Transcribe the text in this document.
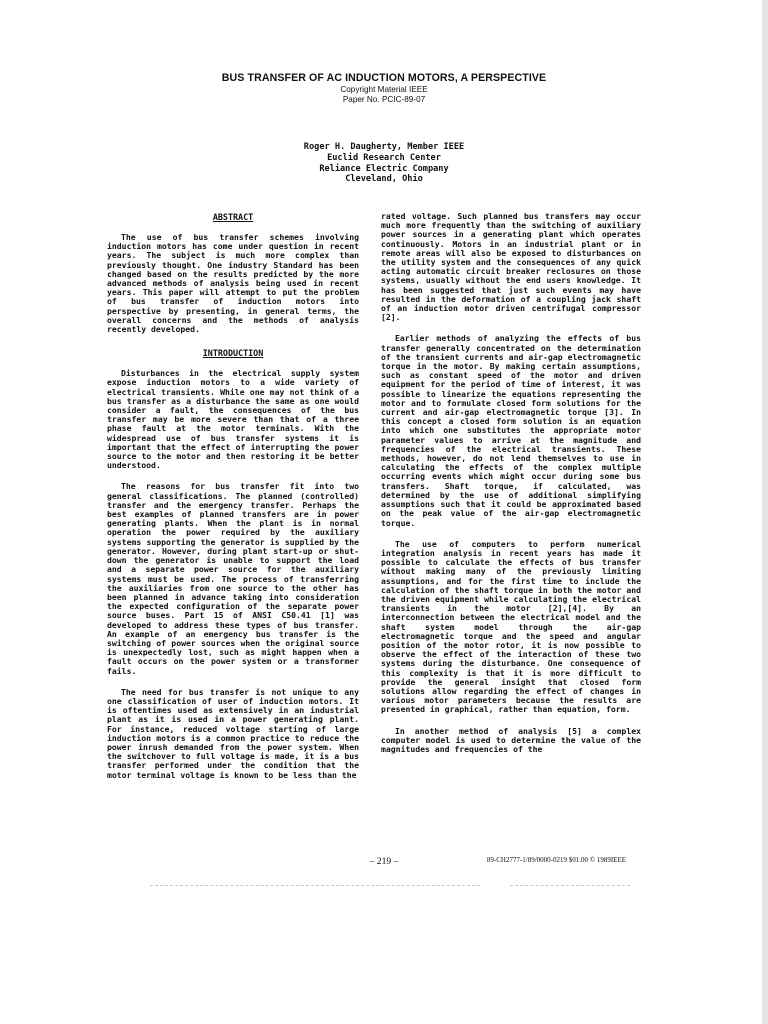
BUS TRANSFER OF AC INDUCTION MOTORS, A PERSPECTIVE

Copyright Material IEEE

Paper No. PCIC-89-07

Roger H. Daugherty, Member IEEE
Euclid Research Center
Reliance Electric Company
Cleveland, Ohio

ABSTRACT

The use of bus transfer schemes involving induction motors has come under question in recent years. The subject is much more complex than previously thought. One industry Standard has been changed based on the results predicted by the more advanced methods of analysis being used in recent years. This paper will attempt to put the problem of bus transfer of induction motors into perspective by presenting, in general terms, the overall concerns and the methods of analysis recently developed.

INTRODUCTION

Disturbances in the electrical supply system expose induction motors to a wide variety of electrical transients. While one may not think of a bus transfer as a disturbance the same as one would consider a fault, the consequences of the bus transfer may be more severe than that of a three phase fault at the motor terminals. With the widespread use of bus transfer systems it is important that the effect of interrupting the power source to the motor and then restoring it be better understood.

The reasons for bus transfer fit into two general classifications. The planned (controlled) transfer and the emergency transfer. Perhaps the best examples of planned transfers are in power generating plants. When the plant is in normal operation the power required by the auxiliary systems supporting the generator is supplied by the generator. However, during plant start-up or shut-down the generator is unable to support the load and a separate power source for the auxiliary systems must be used. The process of transferring the auxiliaries from one source to the other has been planned in advance taking into consideration the expected configuration of the separate power source buses. Part 15 of ANSI C50.41 [1] was developed to address these types of bus transfer. An example of an emergency bus transfer is the switching of power sources when the original source is unexpectedly lost, such as might happen when a fault occurs on the power system or a transformer fails.

The need for bus transfer is not unique to any one classification of user of induction motors. It is oftentimes used as extensively in an industrial plant as it is used in a power generating plant. For instance, reduced voltage starting of large induction motors is a common practice to reduce the power inrush demanded from the power system. When the switchover to full voltage is made, it is a bus transfer performed under the condition that the motor terminal voltage is known to be less than the

rated voltage. Such planned bus transfers may occur much more frequently than the switching of auxiliary power sources in a generating plant which operates continuously. Motors in an industrial plant or in remote areas will also be exposed to disturbances on the utility system and the consequences of any quick acting automatic circuit breaker reclosures on those systems, usually without the end users knowledge. It has been suggested that just such events may have resulted in the deformation of a coupling jack shaft of an induction motor driven centrifugal compressor [2].

Earlier methods of analyzing the effects of bus transfer generally concentrated on the determination of the transient currents and air-gap electromagnetic torque in the motor. By making certain assumptions, such as constant speed of the motor and driven equipment for the period of time of interest, it was possible to linearize the equations representing the motor and to formulate closed form solutions for the current and air-gap electromagnetic torque [3]. In this concept a closed form solution is an equation into which one substitutes the appropriate motor parameter values to arrive at the magnitude and frequencies of the electrical transients. These methods, however, do not lend themselves to use in calculating the effects of the complex multiple occurring events which might occur during some bus transfers. Shaft torque, if calculated, was determined by the use of additional simplifying assumptions such that it could be approximated based on the peak value of the air-gap electromagnetic torque.

The use of computers to perform numerical integration analysis in recent years has made it possible to calculate the effects of bus transfer without making many of the previously limiting assumptions, and for the first time to include the calculation of the shaft torque in both the motor and the driven equipment while calculating the electrical transients in the motor [2],[4]. By an interconnection between the electrical model and the shaft system model through the air-gap electromagnetic torque and the speed and angular position of the motor rotor, it is now possible to observe the effect of the interaction of these two systems during the disturbance. One consequence of this complexity is that it is more difficult to provide the general insight that closed form solutions allow regarding the effect of changes in various motor parameters because the results are presented in graphical, rather than equation, form.

In another method of analysis [5] a complex computer model is used to determine the value of the magnitudes and frequencies of the

– 219 –	89-CH2777-1/89/0000-0219 $01.00 © 1989IEEE
